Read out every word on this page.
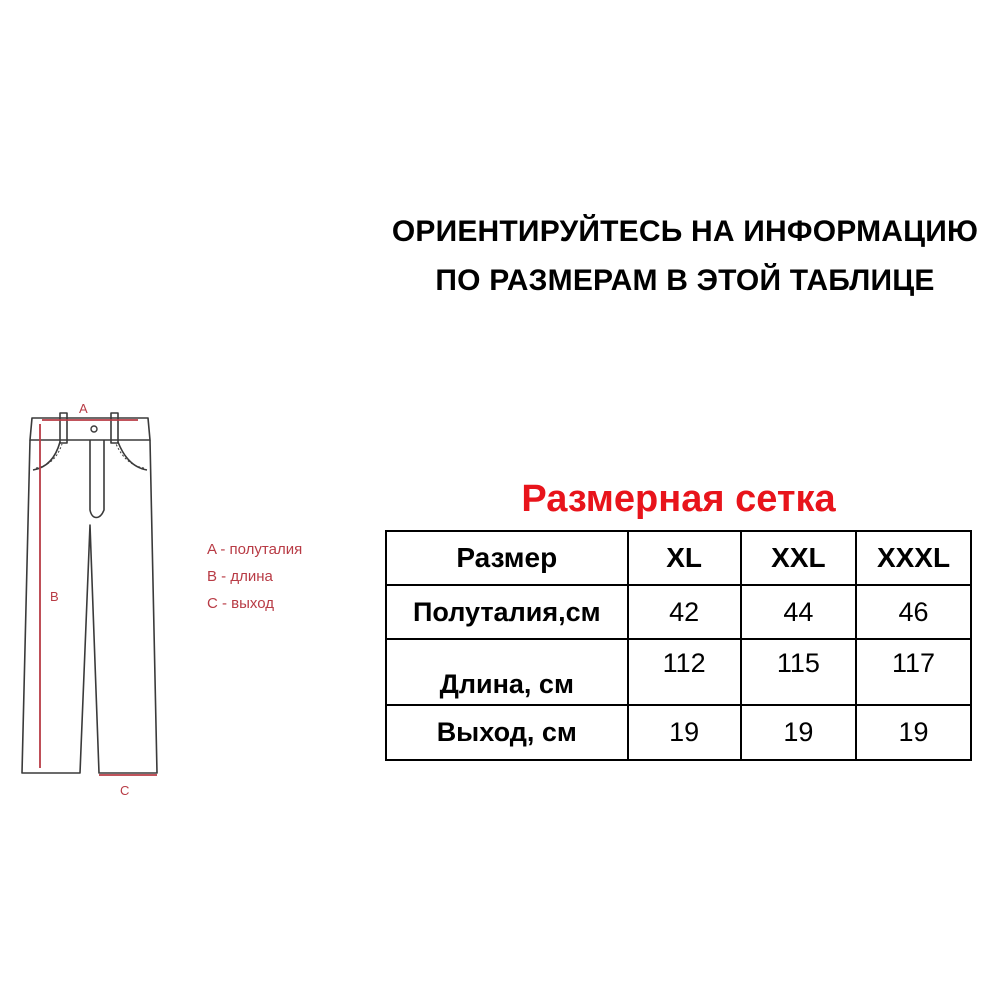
ОРИЕНТИРУЙТЕСЬ НА ИНФОРМАЦИЮ
ПО РАЗМЕРАМ В ЭТОЙ ТАБЛИЦЕ
A
B
C
A - полуталия
B - длина
C - выход
Размерная сетка
Размер	XL	XXL	XXXL
Полуталия,см	42	44	46
Длина, см	112	115	117
Выход, см	19	19	19
